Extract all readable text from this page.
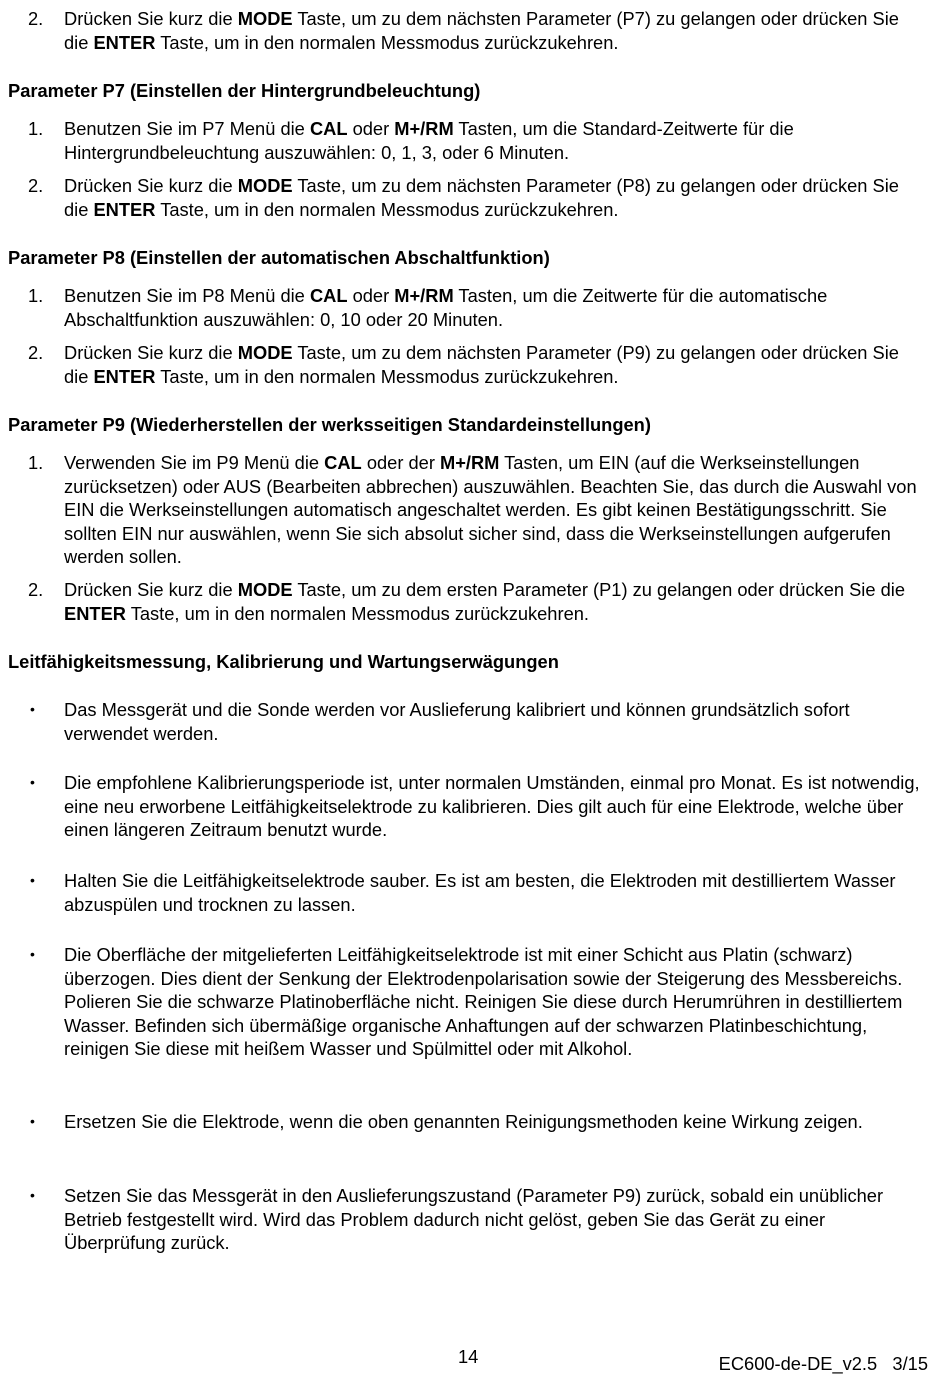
2. Drücken Sie kurz die MODE Taste, um zu dem nächsten Parameter (P7) zu gelangen oder drücken Sie die ENTER Taste, um in den normalen Messmodus zurückzukehren.
Parameter P7 (Einstellen der Hintergrundbeleuchtung)
1. Benutzen Sie im P7 Menü die CAL oder M+/RM Tasten, um die Standard-Zeitwerte für die Hintergrundbeleuchtung auszuwählen: 0, 1, 3, oder 6 Minuten.
2. Drücken Sie kurz die MODE Taste, um zu dem nächsten Parameter (P8) zu gelangen oder drücken Sie die ENTER Taste, um in den normalen Messmodus zurückzukehren.
Parameter P8 (Einstellen der automatischen Abschaltfunktion)
1. Benutzen Sie im P8 Menü die CAL oder M+/RM Tasten, um die Zeitwerte für die automatische Abschaltfunktion auszuwählen: 0, 10 oder 20 Minuten.
2. Drücken Sie kurz die MODE Taste, um zu dem nächsten Parameter (P9) zu gelangen oder drücken Sie die ENTER Taste, um in den normalen Messmodus zurückzukehren.
Parameter P9 (Wiederherstellen der werksseitigen Standardeinstellungen)
1. Verwenden Sie im P9 Menü die CAL oder der M+/RM Tasten, um EIN (auf die Werkseinstellungen zurücksetzen) oder AUS (Bearbeiten abbrechen) auszuwählen. Beachten Sie, das durch die Auswahl von EIN die Werkseinstellungen automatisch angeschaltet werden. Es gibt keinen Bestätigungsschritt. Sie sollten EIN nur auswählen, wenn Sie sich absolut sicher sind, dass die Werkseinstellungen aufgerufen werden sollen.
2. Drücken Sie kurz die MODE Taste, um zu dem ersten Parameter (P1) zu gelangen oder drücken Sie die ENTER Taste, um in den normalen Messmodus zurückzukehren.
Leitfähigkeitsmessung, Kalibrierung und Wartungserwägungen
• Das Messgerät und die Sonde werden vor Auslieferung kalibriert und können grundsätzlich sofort verwendet werden.
• Die empfohlene Kalibrierungsperiode ist, unter normalen Umständen, einmal pro Monat. Es ist notwendig, eine neu erworbene Leitfähigkeitselektrode zu kalibrieren. Dies gilt auch für eine Elektrode, welche über einen längeren Zeitraum benutzt wurde.
• Halten Sie die Leitfähigkeitselektrode sauber. Es ist am besten, die Elektroden mit destilliertem Wasser abzuspülen und trocknen zu lassen.
• Die Oberfläche der mitgelieferten Leitfähigkeitselektrode ist mit einer Schicht aus Platin (schwarz) überzogen. Dies dient der Senkung der Elektrodenpolarisation sowie der Steigerung des Messbereichs. Polieren Sie die schwarze Platinoberfläche nicht. Reinigen Sie diese durch Herumrühren in destilliertem Wasser. Befinden sich übermäßige organische Anhaftungen auf der schwarzen Platinbeschichtung, reinigen Sie diese mit heißem Wasser und Spülmittel oder mit Alkohol.
• Ersetzen Sie die Elektrode, wenn die oben genannten Reinigungsmethoden keine Wirkung zeigen.
• Setzen Sie das Messgerät in den Auslieferungszustand (Parameter P9) zurück, sobald ein unüblicher Betrieb festgestellt wird. Wird das Problem dadurch nicht gelöst, geben Sie das Gerät zu einer Überprüfung zurück.
14	EC600-de-DE_v2.5   3/15
